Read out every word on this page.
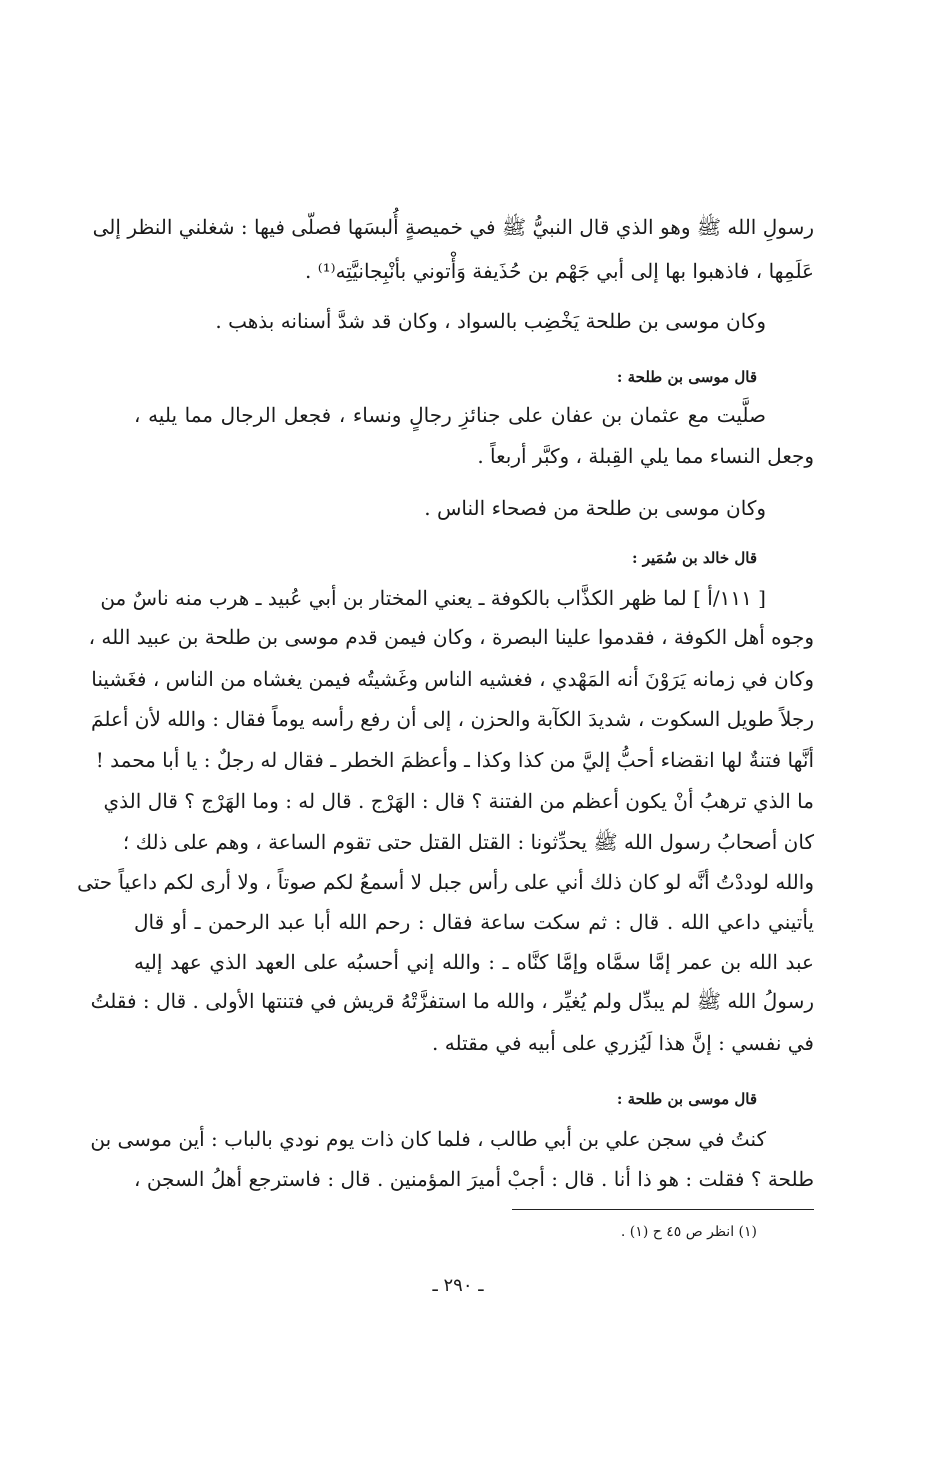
رسولِ الله ﷺ وهو الذي قال النبيُّ ﷺ في خميصةٍ أُلبسَها فصلّى فيها : شغلني النظر إلى
عَلَمِها ، فاذهبوا بها إلى أبي جَهْم بن حُذَيفة وَأْتوني بأنْبِجانيَّتِه⁽¹⁾ .
وكان موسى بن طلحة يَخْضِب بالسواد ، وكان قد شدَّ أسنانه بذهب .
قال موسى بن طلحة :
صلَّيت مع عثمان بن عفان على جنائزِ رجالٍ ونساء ، فجعل الرجال مما يليه ،
وجعل النساء مما يلي القِبلة ، وكبَّر أربعاً .
وكان موسى بن طلحة من فصحاء الناس .
قال خالد بن سُمَير :
[ ١١١/أ ] لما ظهر الكذَّاب بالكوفة ـ يعني المختار بن أبي عُبيد ـ هرب منه ناسٌ من
وجوه أهل الكوفة ، فقدموا علينا البصرة ، وكان فيمن قدم موسى بن طلحة بن عبيد الله ،
وكان في زمانه يَرَوْنَ أنه المَهْدي ، فغشيه الناس وغَشيتُه فيمن يغشاه من الناس ، فغَشينا
رجلاً طويل السكوت ، شديدَ الكآبة والحزن ، إلى أن رفع رأسه يوماً فقال : والله لأن أعلمَ
أنَّها فتنةٌ لها انقضاء أحبُّ إليَّ من كذا وكذا ـ وأعظمَ الخطر ـ فقال له رجلٌ : يا أبا محمد !
ما الذي ترهبُ أنْ يكون أعظم من الفتنة ؟ قال : الهَرْج . قال له : وما الهَرْج ؟ قال الذي
كان أصحابُ رسول الله ﷺ يحدِّثونا : القتل القتل حتى تقوم الساعة ، وهم على ذلك ؛
والله لوددْتُ أنَّه لو كان ذلك أني على رأس جبل لا أسمعُ لكم صوتاً ، ولا أرى لكم داعياً حتى
يأتيني داعي الله . قال : ثم سكت ساعة فقال : رحم الله أبا عبد الرحمن ـ أو قال
عبد الله بن عمر إمَّا سمَّاه وإمَّا كنَّاه ـ : والله إني أحسبُه على العهد الذي عهد إليه
رسولُ الله ﷺ لم يبدِّل ولم يُغيِّر ، والله ما استفزَّتْهُ قريش في فتنتها الأولى . قال : فقلتُ
في نفسي : إنَّ هذا لَيُزري على أبيه في مقتله .
قال موسى بن طلحة :
كنتُ في سجن علي بن أبي طالب ، فلما كان ذات يوم نودي بالباب : أين موسى بن
طلحة ؟ فقلت : هو ذا أنا . قال : أجبْ أميرَ المؤمنين . قال : فاسترجع أهلُ السجن ،
(١) انظر ص ٤٥ ح (١) .
ـ ٢٩٠ ـ
